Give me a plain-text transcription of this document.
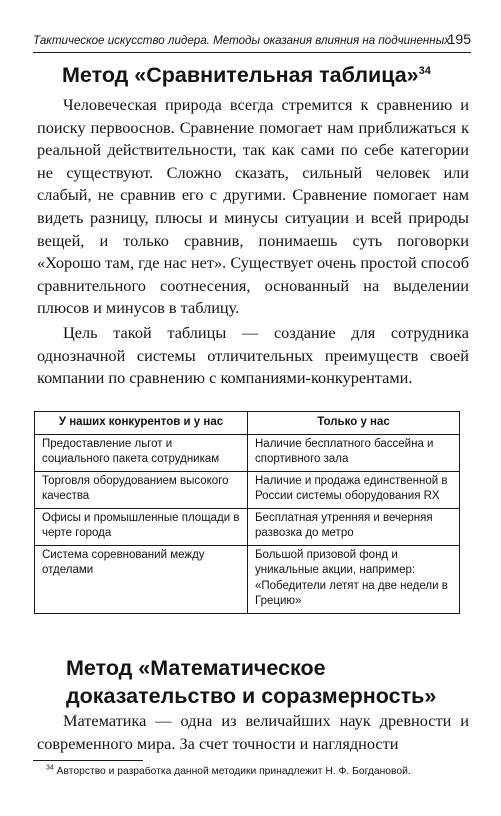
Тактическое искусство лидера. Методы оказания влияния на подчиненных
195
Метод «Сравнительная таблица»$^{34}$

Человеческая природа всегда стремится к сравнению и поиску первооснов. Сравнение помогает нам приближаться к реальной действительности, так как сами по себе категории не существуют. Сложно сказать, сильный человек или слабый, не сравнив его с другими. Сравнение помогает нам видеть разницу, плюсы и минусы ситуации и всей природы вещей, и только сравнив, понимаешь суть поговорки «Хорошо там, где нас нет». Существует очень простой способ сравнительного соотнесения, основанный на выделении плюсов и минусов в таблицу.

Цель такой таблицы — создание для сотрудника однозначной системы отличительных преимуществ своей компании по сравнению с компаниями-конкурентами.

У наших конкурентов и у нас	Только у нас
Предоставление льгот и социального пакета сотрудникам	Наличие бесплатного бассейна и спортивного зала
Торговля оборудованием высокого качества	Наличие и продажа единственной в России системы оборудования RX
Офисы и промышленные площади в черте города	Бесплатная утренняя и вечерняя развозка до метро
Система соревнований между отделами	Большой призовой фонд и уникальные акции, например: «Победители летят на две недели в Грецию»
Метод «Математическое
доказательство и соразмерность»

Математика — одна из величайших наук древности и современного мира. За счет точности и наглядности

$^{34}$ Авторство и разработка данной методики принадлежит Н. Ф. Богдановой.
